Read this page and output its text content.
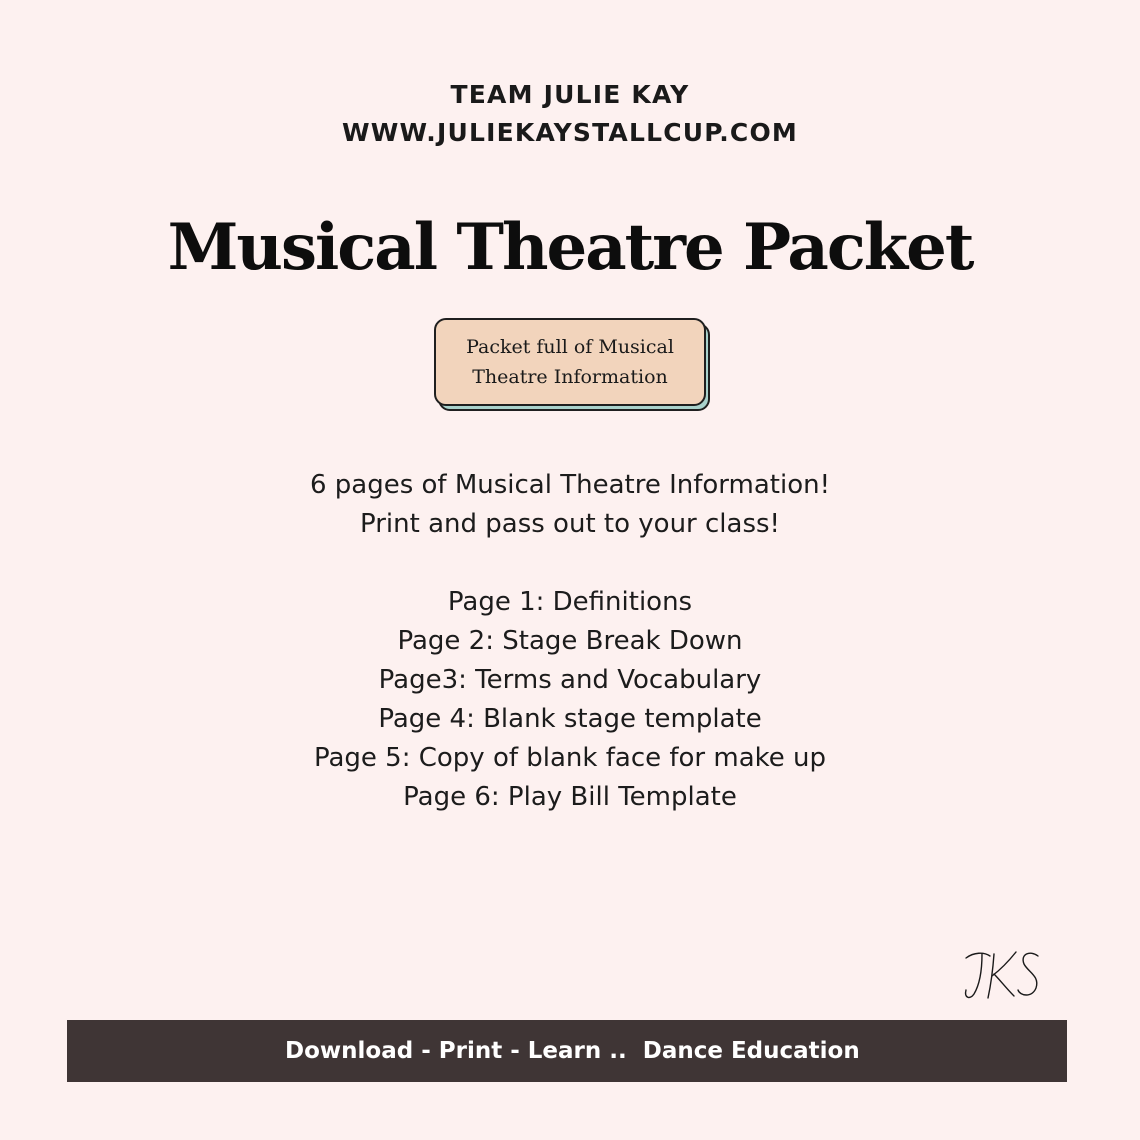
TEAM JULIE KAY
WWW.JULIEKAYSTALLCUP.COM
Musical Theatre Packet
Packet full of Musical
Theatre Information
6 pages of Musical Theatre Information!
Print and pass out to your class!
Page 1: Definitions
Page 2: Stage Break Down
Page3: Terms and Vocabulary
Page 4: Blank stage template
Page 5: Copy of blank face for make up
Page 6: Play Bill Template
Download - Print - Learn ..  Dance Education
